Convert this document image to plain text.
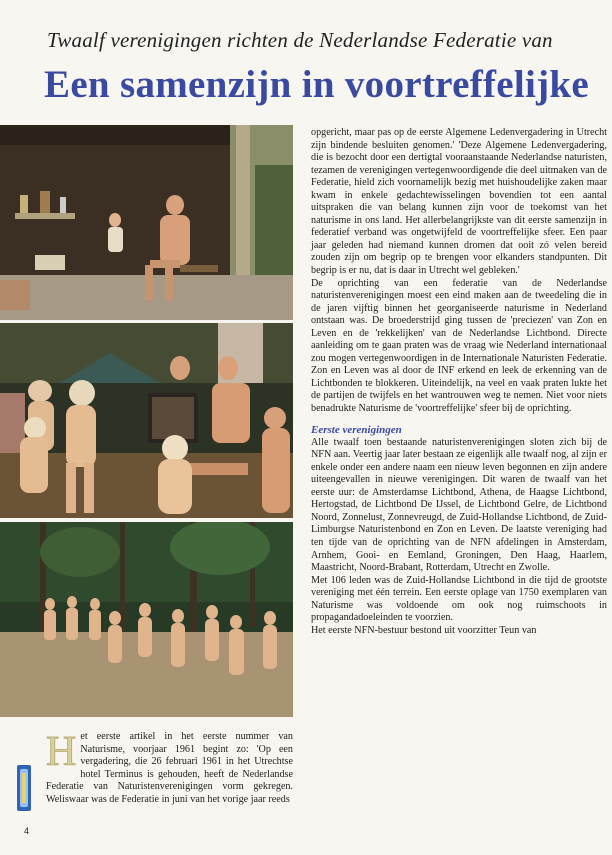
Twaalf verenigingen richten de Nederlandse Federatie van
Een samenzijn in voortreffelijke

opgericht, maar pas op de eerste Algemene Ledenvergadering in Utrecht zijn bindende besluiten genomen.' 'Deze Algemene Ledenvergadering, die is bezocht door een dertigtal vooraanstaande Nederlandse naturisten, tezamen de verenigingen vertegenwoordigende die deel uitmaken van de Federatie, hield zich voornamelijk bezig met huishoudelijke zaken maar kwam in enkele gedachtewisselingen bovendien tot een aantal uitspraken die van belang kunnen zijn voor de toekomst van het naturisme in ons land. Het allerbelangrijkste van dit eerste samenzijn in federatief verband was ongetwijfeld de voortreffelijke sfeer. Een paar jaar geleden had niemand kunnen dromen dat ooit zó velen bereid zouden zijn om begrip op te brengen voor elkanders standpunten. Dit begrip is er nu, dat is daar in Utrecht wel gebleken.'

De oprichting van een federatie van de Nederlandse naturistenverenigingen moest een eind maken aan de tweedeling die in de jaren vijftig binnen het georganiseerde naturisme in Nederland ontstaan was. De broederstrijd ging tussen de 'preciezen' van Zon en Leven en de 'rekkelijken' van de Nederlandse Lichtbond. Directe aanleiding om te gaan praten was de vraag wie Nederland internationaal zou mogen vertegenwoordigen in de Internationale Naturisten Federatie. Zon en Leven was al door de INF erkend en leek de erkenning van de Lichtbonden te blokkeren. Uiteindelijk, na veel en vaak praten lukte het de partijen de twijfels en het wantrouwen weg te nemen. Niet voor niets benadrukte Naturisme de 'voortreffelijke' sfeer bij de oprichting.

Eerste verenigingen

Alle twaalf toen bestaande naturistenverenigingen sloten zich bij de NFN aan. Veertig jaar later bestaan ze eigenlijk alle twaalf nog, al zijn er enkele onder een andere naam een nieuw leven begonnen en zijn andere uiteengevallen in nieuwe verenigingen. Dit waren de twaalf van het eerste uur: de Amsterdamse Lichtbond, Athena, de Haagse Lichtbond, Hertogstad, de Lichtbond De IJssel, de Lichtbond Gelre, de Lichtbond Noord, Zonnelust, Zonnevreugd, de Zuid-Hollandse Lichtbond, de Zuid-Limburgse Naturistenbond en Zon en Leven. De laatste vereniging had ten tijde van de oprichting van de NFN afdelingen in Amsterdam, Arnhem, Gooi- en Eemland, Groningen, Den Haag, Haarlem, Maastricht, Noord-Brabant, Rotterdam, Utrecht en Zwolle.

Met 106 leden was de Zuid-Hollandse Lichtbond in die tijd de grootste vereniging met één terrein. Een eerste oplage van 1750 exemplaren van Naturisme was voldoende om ook nog ruimschoots in propagandadoeleinden te voorzien.

Het eerste NFN-bestuur bestond uit voorzitter Teun van

H et eerste artikel in het eerste nummer van Naturisme, voorjaar 1961 begint zo: 'Op een vergadering, die 26 februari 1961 in het Utrechtse hotel Terminus is gehouden, heeft de Nederlandse Federatie van Naturistenverenigingen vorm gekregen. Weliswaar was de Federatie in juni van het vorige jaar reeds

4
